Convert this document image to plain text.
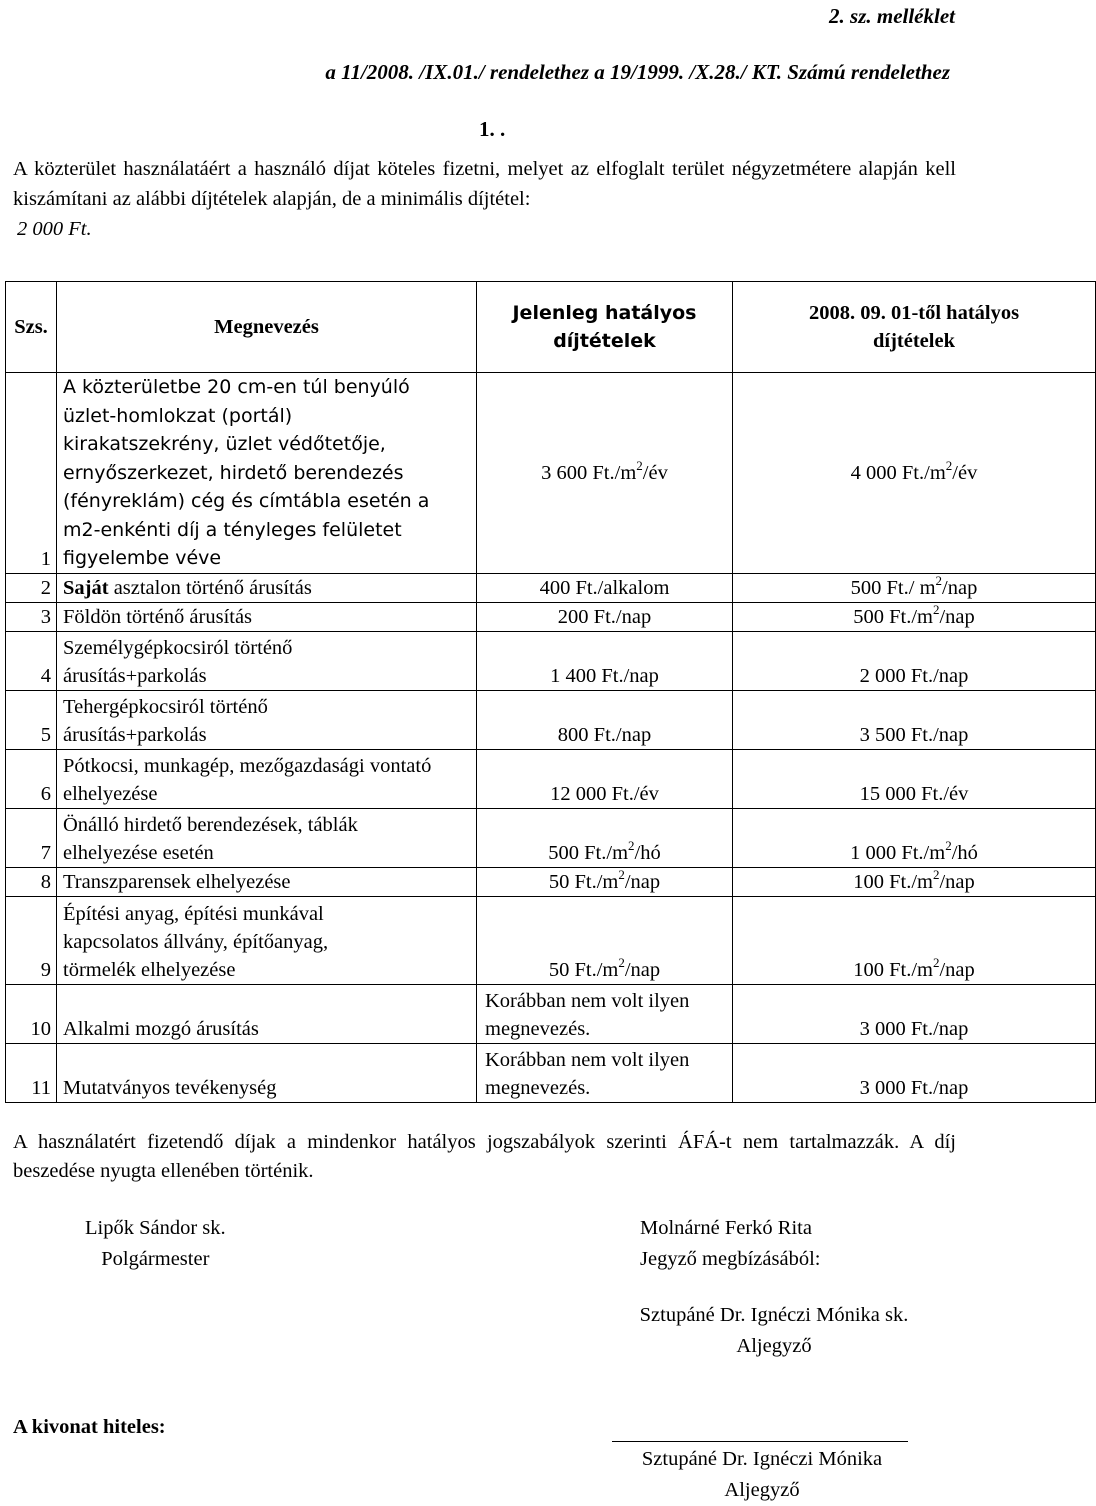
2. sz. melléklet
a 11/2008. /IX.01./ rendelethez a 19/1999. /X.28./ KT. Számú rendelethez
1. .
A közterület használatáért a használó díjat köteles fizetni, melyet az elfoglalt terület négyzetmétere alapján kell kiszámítani az alábbi díjtételek alapján, de a minimális díjtétel:
2 000 Ft.
Szs.	Megnevezés	Jelenleg hatályos díjtételek	2008. 09. 01-től hatályos díjtételek
1	A közterületbe 20 cm-en túl benyúló üzlet-homlokzat (portál) kirakatszekrény, üzlet védőtetője, ernyőszerkezet, hirdető berendezés (fényreklám) cég és címtábla esetén a m2-enkénti díj a tényleges felületet figyelembe véve	3 600 $Ft./m^2/év$	4 000 $Ft./m^2/év$
2	Saját asztalon történő árusítás	400 Ft./alkalom	500 Ft./ $m^2$/nap
3	Földön történő árusítás	200 Ft./nap	500 $Ft./m^2$/nap
4	Személygépkocsiról történő árusítás+parkolás	1 400 Ft./nap	2 000 Ft./nap
5	Tehergépkocsiról történő árusítás+parkolás	800 Ft./nap	3 500 Ft./nap
6	Pótkocsi, munkagép, mezőgazdasági vontató elhelyezése	12 000 Ft./év	15 000 Ft./év
7	Önálló hirdető berendezések, táblák elhelyezése esetén	500 $Ft./m^2/hó$	1 000 $Ft./m^2/hó$
8	Transzparensek elhelyezése	50 $Ft./m^2$/nap	100 $Ft./m^2$/nap
9	Építési anyag, építési munkával kapcsolatos állvány, építőanyag, törmelék elhelyezése	50 $Ft./m^2$/nap	100 $Ft./m^2$/nap
10	Alkalmi mozgó árusítás	Korábban nem volt ilyen megnevezés.	3 000 Ft./nap
11	Mutatványos tevékenység	Korábban nem volt ilyen megnevezés.	3 000 Ft./nap
A használatért fizetendő díjak a mindenkor hatályos jogszabályok szerinti ÁFÁ-t nem tartalmazzák. A díj beszedése nyugta ellenében történik.
Lipők Sándor sk.
Polgármester
Molnárné Ferkó Rita
Jegyző megbízásából:
Sztupáné Dr. Ignéczi Mónika sk.
Aljegyző
A kivonat hiteles:
Sztupáné Dr. Ignéczi Mónika
Aljegyző
